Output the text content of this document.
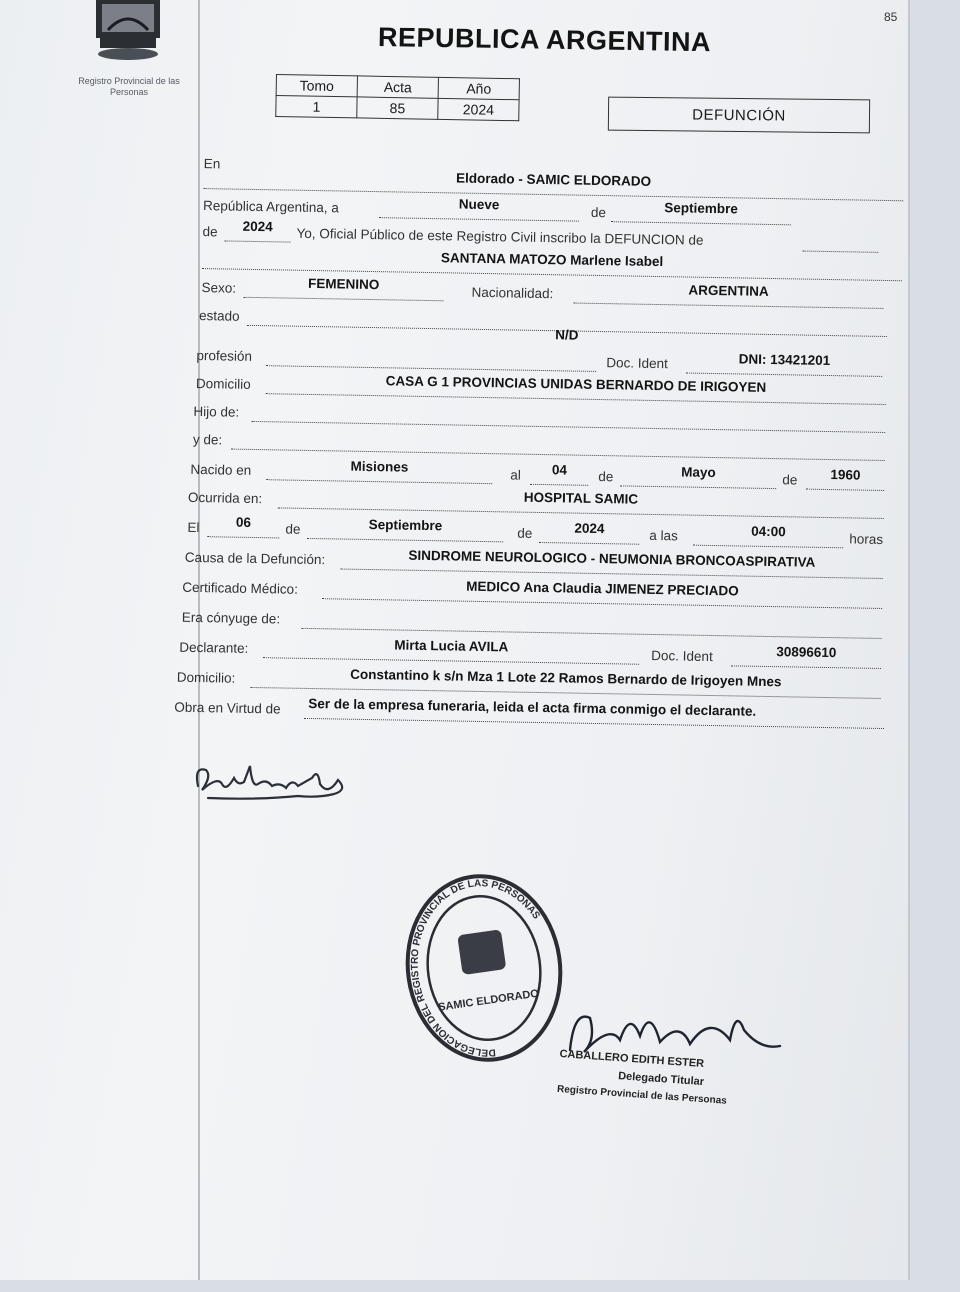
Registro Provincial de las Personas
85
REPUBLICA ARGENTINA
Tomo	Acta	Año
1	85	2024	DEFUNCIÓN
En
Eldorado - SAMIC ELDORADO
República Argentina, a	Nueve
de	Septiembre
de	2024	Yo, Oficial Público de este Registro Civil inscribo la DEFUNCION de
SANTANA MATOZO Marlene Isabel
Sexo:	FEMENINO
Nacionalidad:	ARGENTINA
estado
N/D
profesión	Doc. Ident	DNI: 13421201
Domicilio	CASA G 1 PROVINCIAS UNIDAS BERNARDO DE IRIGOYEN
Hijo de:
y de:
Nacido en	Misiones
al	04	de	Mayo	de	1960
Ocurrida en:	HOSPITAL SAMIC
El	06	de	Septiembre	de	2024	a las	04:00	horas
Causa de la Defunción:	SINDROME NEUROLOGICO - NEUMONIA BRONCOASPIRATIVA
Certificado Médico:	MEDICO Ana Claudia JIMENEZ PRECIADO
Era cónyuge de:
Declarante:	Mirta Lucia AVILA
Doc. Ident	30896610
Domicilio:	Constantino k s/n Mza 1 Lote 22 Ramos Bernardo de Irigoyen Mnes
Obra en Virtud de	Ser de la empresa funeraria, leida el acta firma conmigo el declarante.
DELEGACION DEL REGISTRO PROVINCIAL DE LAS PERSONAS
SAMIC ELDORADO
CABALLERO EDITH ESTER
Delegado Titular
Registro Provincial de las Personas
